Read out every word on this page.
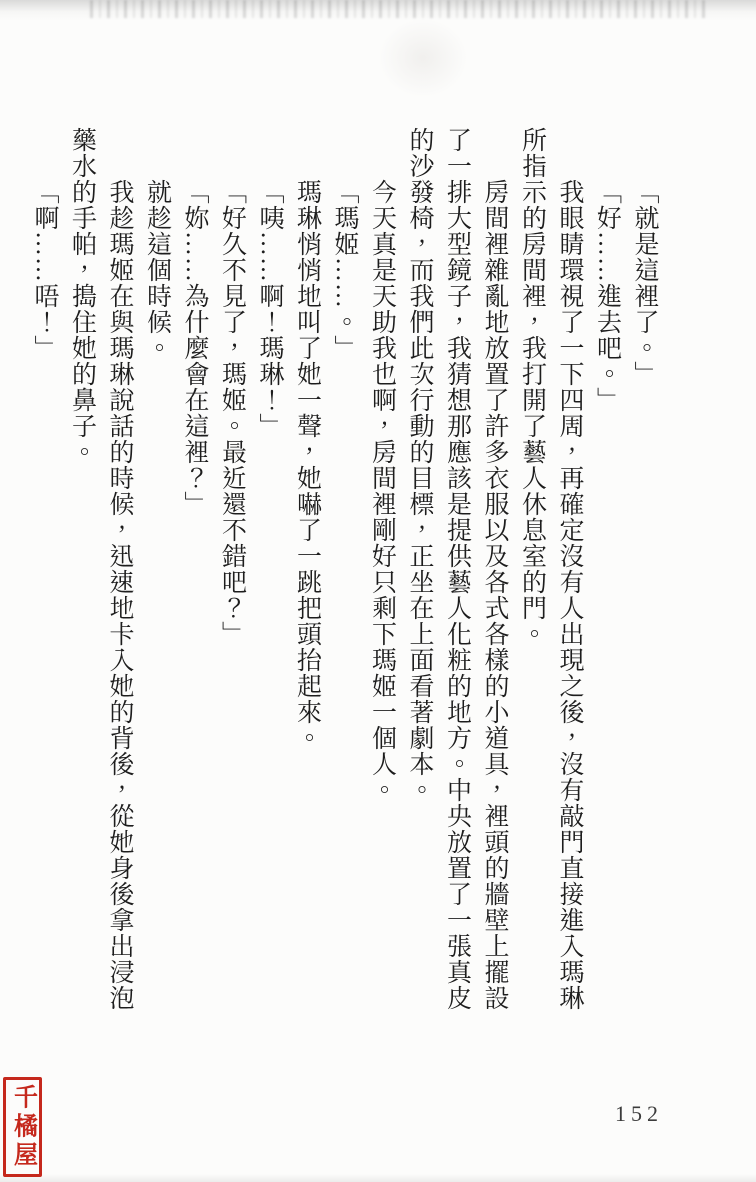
「就是這裡了。」

「好……進去吧。」

我眼睛環視了一下四周，再確定沒有人出現之後，沒有敲門直接進入瑪琳所指示的房間裡，我打開了藝人休息室的門。

房間裡雜亂地放置了許多衣服以及各式各樣的小道具，裡頭的牆壁上擺設了一排大型鏡子，我猜想那應該是提供藝人化粧的地方。中央放置了一張真皮的沙發椅，而我們此次行動的目標，正坐在上面看著劇本。

今天真是天助我也啊，房間裡剛好只剩下瑪姬一個人。

「瑪姬……。」

瑪琳悄悄地叫了她一聲，她嚇了一跳把頭抬起來。

「咦……啊！瑪琳！」

「好久不見了，瑪姬。最近還不錯吧？」

「妳……為什麼會在這裡？」

就趁這個時候。

我趁瑪姬在與瑪琳說話的時候，迅速地卡入她的背後，從她身後拿出浸泡藥水的手帕，搗住她的鼻子。

「啊……唔！」

152
千橘屋
